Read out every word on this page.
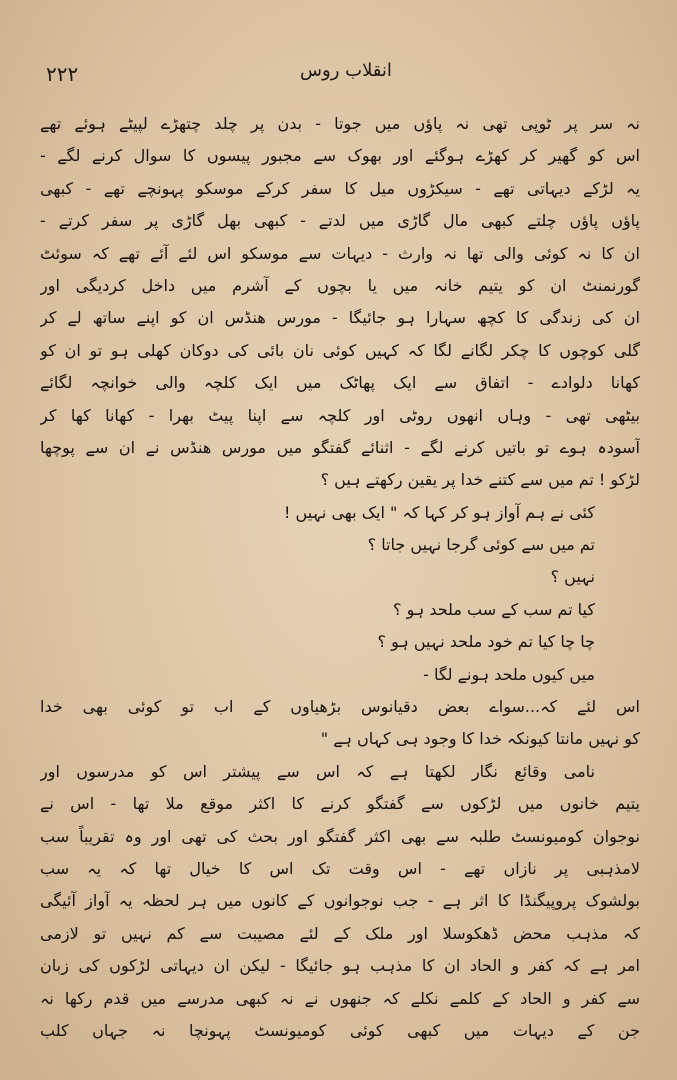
۲۲۲	انقلاب روس
نہ سر پر ٹوپی تھی نہ پاؤں میں جوتا - بدن پر چلد چتھڑے لپیٹے ہوئے تھے
اس کو گھیر کر کھڑے ہوگئے اور بھوک سے مجبور پیسوں کا سوال کرنے لگے -
یہ لڑکے دیہاتی تھے - سیکڑوں میل کا سفر کرکے موسکو پہونچے تھے - کبھی
پاؤں پاؤں چلتے کبھی مال گاڑی میں لدتے - کبھی بھل گاڑی پر سفر کرتے -
ان کا نہ کوئی والی تھا نہ وارث - دیہات سے موسکو اس لئے آئے تھے کہ سوئٹ
گورنمنٹ ان کو یتیم خانہ میں یا بچوں کے آشرم میں داخل کردیگی اور
ان کی زندگی کا کچھ سہارا ہو جائیگا - مورس ھنڈس ان کو اپنے ساتھ لے کر
گلی کوچوں کا چکر لگانے لگا کہ کہیں کوئی نان بائی کی دوکان کھلی ہو تو ان کو
کھانا دلوادے - اتفاق سے ایک پھاٹک میں ایک کلچہ والی خوانچہ لگائے
بیٹھی تھی - وہاں انھوں روٹی اور کلچہ سے اپنا پیٹ بھرا - کھانا کھا کر
آسودہ ہوے تو باتیں کرنے لگے - اثنائے گفتگو میں مورس ھنڈس نے ان سے پوچھا
لڑکو ! تم میں سے کتنے خدا پر یقین رکھتے ہیں ؟
کئی نے ہم آواز ہو کر کہا کہ " ایک بھی نہیں !
تم میں سے کوئی گرجا نہیں جاتا ؟
نہیں ؟
کیا تم سب کے سب ملحد ہو ؟
چا چا کیا تم خود ملحد نہیں ہو ؟
میں کیوں ملحد ہونے لگا -
اس لئے کہ...سواے بعض دقیانوس بڑھیاوں کے اب تو کوئی بھی خدا
کو نہیں مانتا کیونکہ خدا کا وجود ہی کہاں ہے "
نامی وقائع نگار لکھتا ہے کہ اس سے پیشتر اس کو مدرسوں اور
یتیم خانوں میں لڑکوں سے گفتگو کرنے کا اکثر موقع ملا تھا - اس نے
نوجوان کومیونسٹ طلبہ سے بھی اکثر گفتگو اور بحث کی تھی اور وہ تقریباً سب
لامذہبی پر نازاں تھے - اس وقت تک اس کا خیال تھا کہ یہ سب
بولشوک پروپیگنڈا کا اثر ہے - جب نوجوانوں کے کانوں میں ہر لحظہ یہ آواز آئیگی
کہ مذہب محض ڈھکوسلا اور ملک کے لئے مصیبت سے کم نہیں تو لازمی
امر ہے کہ کفر و الحاد ان کا مذہب ہو جائیگا - لیکن ان دیہاتی لڑکوں کی زبان
سے کفر و الحاد کے کلمے نکلے کہ جنھوں نے نہ کبھی مدرسے میں قدم رکھا نہ
جن کے دیہات میں کبھی کوئی کومیونسٹ پہونچا نہ جہاں کلب
